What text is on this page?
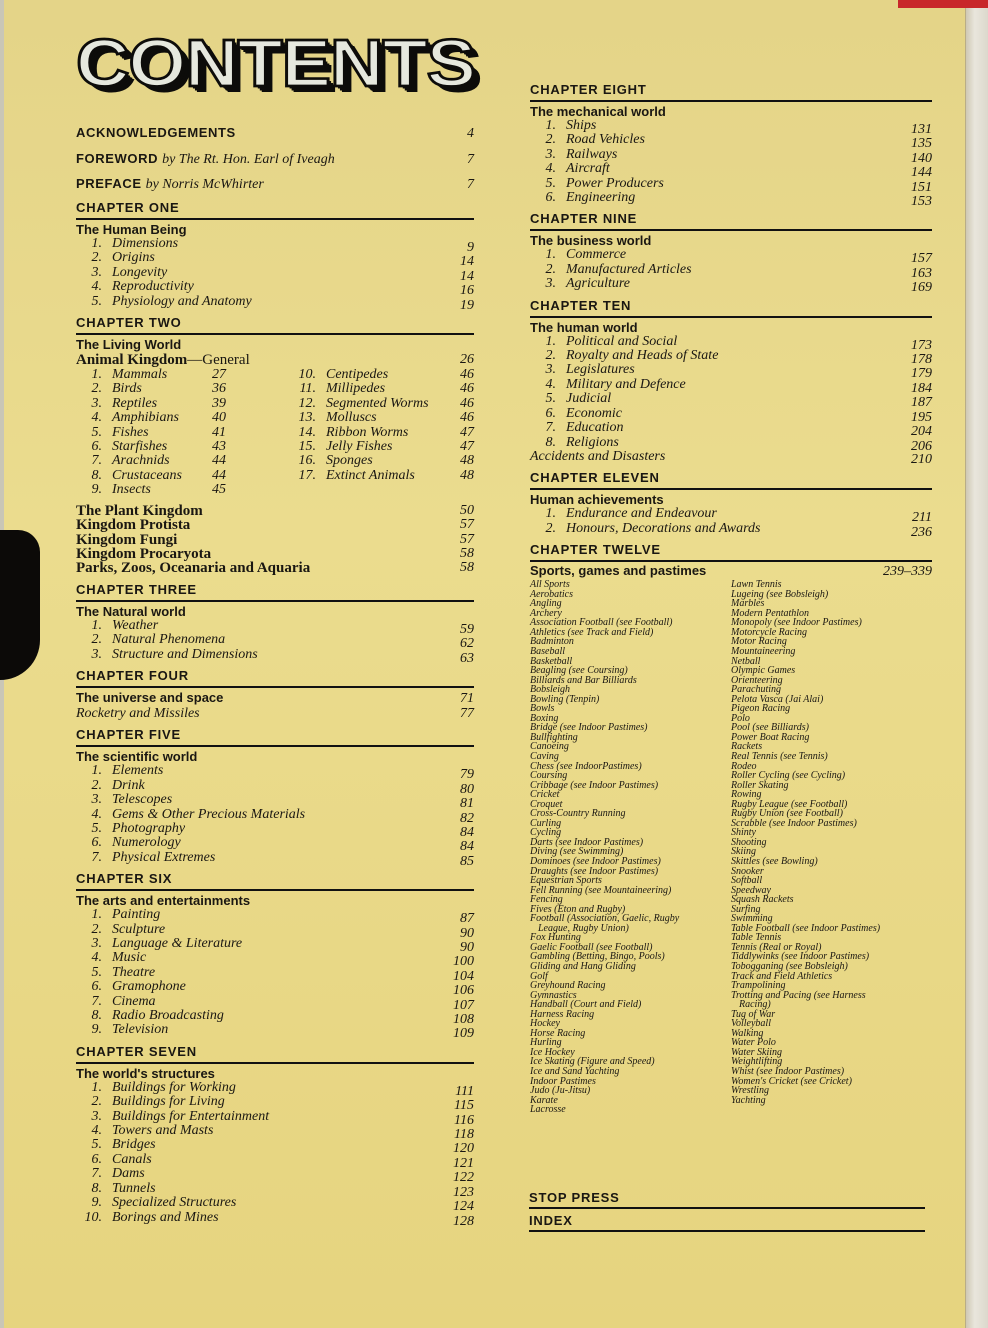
CONTENTS
ACKNOWLEDGEMENTS	4
FOREWORD by The Rt. Hon. Earl of Iveagh	7
PREFACE by Norris McWhirter	7
CHAPTER ONE
The Human Being
1. Dimensions	9
2. Origins	14
3. Longevity	14
4. Reproductivity	16
5. Physiology and Anatomy	19
CHAPTER TWO
The Living World
Animal Kingdom—General	26
1. Mammals	27
2. Birds	36
3. Reptiles	39
4. Amphibians	40
5. Fishes	41
6. Starfishes	43
7. Arachnids	44
8. Crustaceans	44
9. Insects	45
10. Centipedes	46
11. Millipedes	46
12. Segmented Worms	46
13. Molluscs	46
14. Ribbon Worms	47
15. Jelly Fishes	47
16. Sponges	48
17. Extinct Animals	48
The Plant Kingdom	50
Kingdom Protista	57
Kingdom Fungi	57
Kingdom Procaryota	58
Parks, Zoos, Oceanaria and Aquaria	58
CHAPTER THREE
The Natural world
1. Weather	59
2. Natural Phenomena	62
3. Structure and Dimensions	63
CHAPTER FOUR
The universe and space	71
Rocketry and Missiles	77
CHAPTER FIVE
The scientific world
1. Elements	79
2. Drink	80
3. Telescopes	81
4. Gems & Other Precious Materials	82
5. Photography	84
6. Numerology	84
7. Physical Extremes	85
CHAPTER SIX
The arts and entertainments
1. Painting	87
2. Sculpture	90
3. Language & Literature	90
4. Music	100
5. Theatre	104
6. Gramophone	106
7. Cinema	107
8. Radio Broadcasting	108
9. Television	109
CHAPTER SEVEN
The world's structures
1. Buildings for Working	111
2. Buildings for Living	115
3. Buildings for Entertainment	116
4. Towers and Masts	118
5. Bridges	120
6. Canals	121
7. Dams	122
8. Tunnels	123
9. Specialized Structures	124
10. Borings and Mines	128
CHAPTER EIGHT
The mechanical world
1. Ships	131
2. Road Vehicles	135
3. Railways	140
4. Aircraft	144
5. Power Producers	151
6. Engineering	153
CHAPTER NINE
The business world
1. Commerce	157
2. Manufactured Articles	163
3. Agriculture	169
CHAPTER TEN
The human world
1. Political and Social	173
2. Royalty and Heads of State	178
3. Legislatures	179
4. Military and Defence	184
5. Judicial	187
6. Economic	195
7. Education	204
8. Religions	206
Accidents and Disasters	210
CHAPTER ELEVEN
Human achievements
1. Endurance and Endeavour	211
2. Honours, Decorations and Awards	236
CHAPTER TWELVE
Sports, games and pastimes	239–339
All Sports
Aerobatics
Angling
Archery
Association Football (see Football)
Athletics (see Track and Field)
Badminton
Baseball
Basketball
Beagling (see Coursing)
Billiards and Bar Billiards
Bobsleigh
Bowling (Tenpin)
Bowls
Boxing
Bridge (see Indoor Pastimes)
Bullfighting
Canoeing
Caving
Chess (see IndoorPastimes)
Coursing
Cribbage (see Indoor Pastimes)
Cricket
Croquet
Cross-Country Running
Curling
Cycling
Darts (see Indoor Pastimes)
Diving (see Swimming)
Dominoes (see Indoor Pastimes)
Draughts (see Indoor Pastimes)
Equestrian Sports
Fell Running (see Mountaineering)
Fencing
Fives (Eton and Rugby)
Football (Association, Gaelic, Rugby
League, Rugby Union)
Fox Hunting
Gaelic Football (see Football)
Gambling (Betting, Bingo, Pools)
Gliding and Hang Gliding
Golf
Greyhound Racing
Gymnastics
Handball (Court and Field)
Harness Racing
Hockey
Horse Racing
Hurling
Ice Hockey
Ice Skating (Figure and Speed)
Ice and Sand Yachting
Indoor Pastimes
Judo (Ju-Jitsu)
Karate
Lacrosse
Lawn Tennis
Lugeing (see Bobsleigh)
Marbles
Modern Pentathlon
Monopoly (see Indoor Pastimes)
Motorcycle Racing
Motor Racing
Mountaineering
Netball
Olympic Games
Orienteering
Parachuting
Pelota Vasca (Jai Alai)
Pigeon Racing
Polo
Pool (see Billiards)
Power Boat Racing
Rackets
Real Tennis (see Tennis)
Rodeo
Roller Cycling (see Cycling)
Roller Skating
Rowing
Rugby League (see Football)
Rugby Union (see Football)
Scrabble (see Indoor Pastimes)
Shinty
Shooting
Skiing
Skittles (see Bowling)
Snooker
Softball
Speedway
Squash Rackets
Surfing
Swimming
Table Football (see Indoor Pastimes)
Table Tennis
Tennis (Real or Royal)
Tiddlywinks (see Indoor Pastimes)
Tobogganing (see Bobsleigh)
Track and Field Athletics
Trampolining
Trotting and Pacing (see Harness
Racing)
Tug of War
Volleyball
Walking
Water Polo
Water Skiing
Weightlifting
Whist (see Indoor Pastimes)
Women's Cricket (see Cricket)
Wrestling
Yachting
STOP PRESS
INDEX
